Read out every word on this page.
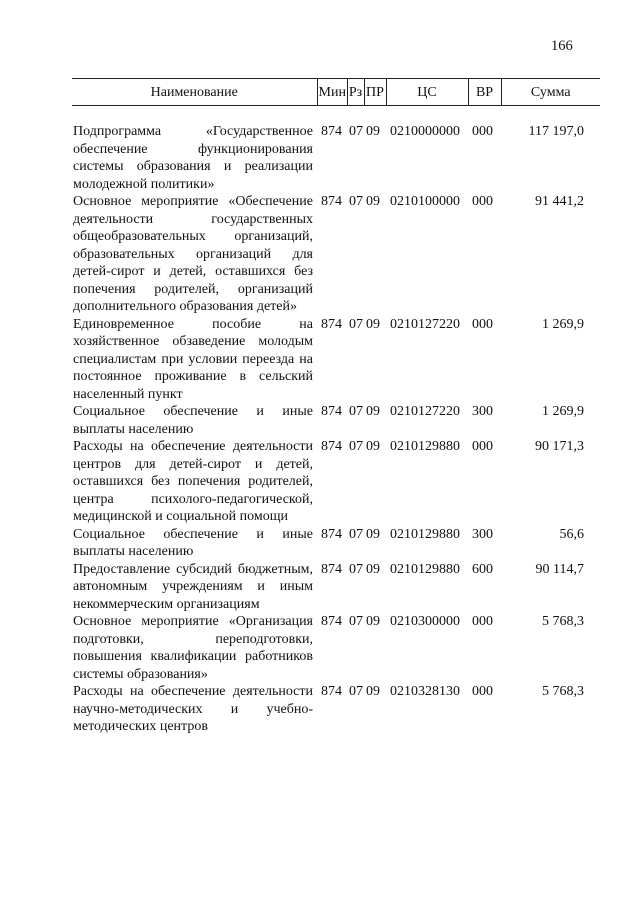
166
Наименование	Мин	Рз	ПР	ЦС	ВР	Сумма
Подпрограмма «Государственное обеспечение функционирования системы образования и реализации молодежной политики»	874	07	09	0210000000	000	117 197,0
Основное мероприятие «Обеспечение деятельности государственных общеобразовательных организаций, образовательных организаций для детей-сирот и детей, оставшихся без попечения родителей, организаций дополнительного образования детей»	874	07	09	0210100000	000	91 441,2
Единовременное пособие на хозяйственное обзаведение молодым специалистам при условии переезда на постоянное проживание в сельский населенный пункт	874	07	09	0210127220	000	1 269,9
Социальное обеспечение и иные выплаты населению	874	07	09	0210127220	300	1 269,9
Расходы на обеспечение деятельности центров для детей-сирот и детей, оставшихся без попечения родителей, центра психолого-педагогической, медицинской и социальной помощи	874	07	09	0210129880	000	90 171,3
Социальное обеспечение и иные выплаты населению	874	07	09	0210129880	300	56,6
Предоставление субсидий бюджетным, автономным учреждениям и иным некоммерческим организациям	874	07	09	0210129880	600	90 114,7
Основное мероприятие «Организация подготовки, переподготовки, повышения квалификации работников системы образования»	874	07	09	0210300000	000	5 768,3
Расходы на обеспечение деятельности научно-методических и учебно-методических центров	874	07	09	0210328130	000	5 768,3
